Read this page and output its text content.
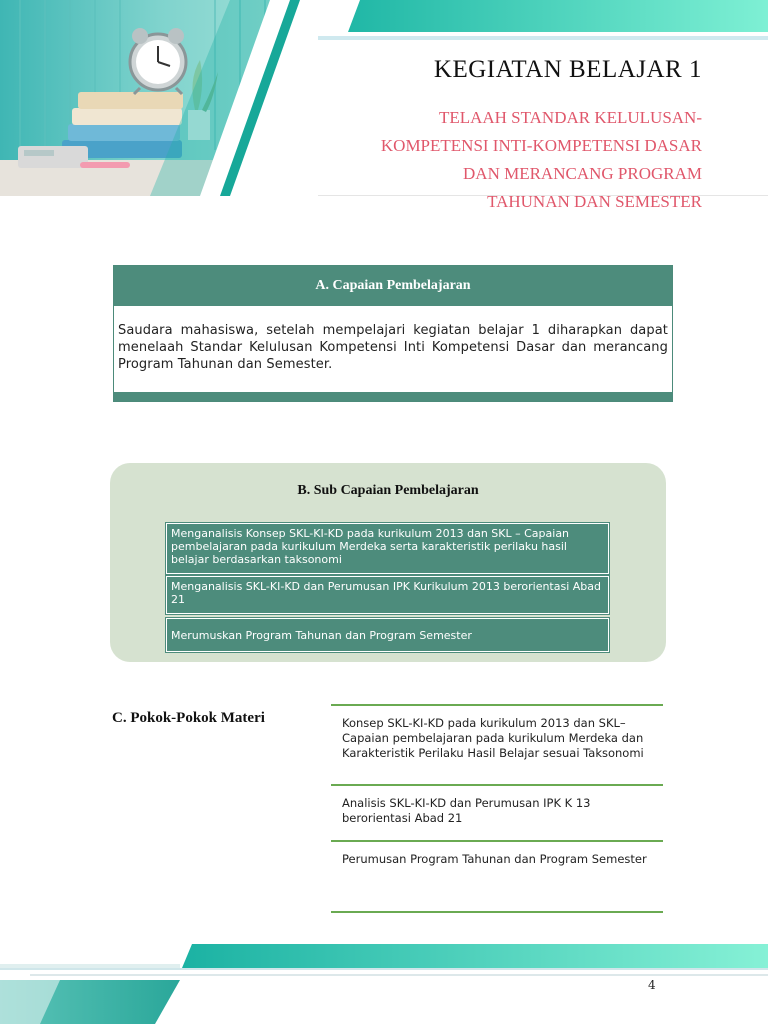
KEGIATAN BELAJAR 1
TELAAH STANDAR KELULUSAN-
KOMPETENSI INTI-KOMPETENSI DASAR
DAN MERANCANG PROGRAM
TAHUNAN DAN SEMESTER
A. Capaian Pembelajaran
Saudara mahasiswa, setelah mempelajari kegiatan belajar 1 diharapkan dapat menelaah Standar Kelulusan Kompetensi Inti Kompetensi Dasar dan merancang Program Tahunan dan Semester.
B. Sub Capaian Pembelajaran
Menganalisis Konsep SKL-KI-KD pada kurikulum 2013 dan SKL – Capaian pembelajaran pada kurikulum Merdeka serta karakteristik perilaku hasil belajar berdasarkan taksonomi
Menganalisis SKL-KI-KD dan Perumusan IPK Kurikulum 2013 berorientasi Abad 21
Merumuskan Program Tahunan dan Program Semester
C. Pokok-Pokok Materi	Konsep SKL-KI-KD pada kurikulum 2013 dan SKL–Capaian pembelajaran pada kurikulum Merdeka dan Karakteristik Perilaku Hasil Belajar sesuai Taksonomi
Analisis SKL-KI-KD dan Perumusan IPK K 13 berorientasi Abad 21
Perumusan Program Tahunan dan Program Semester
4
